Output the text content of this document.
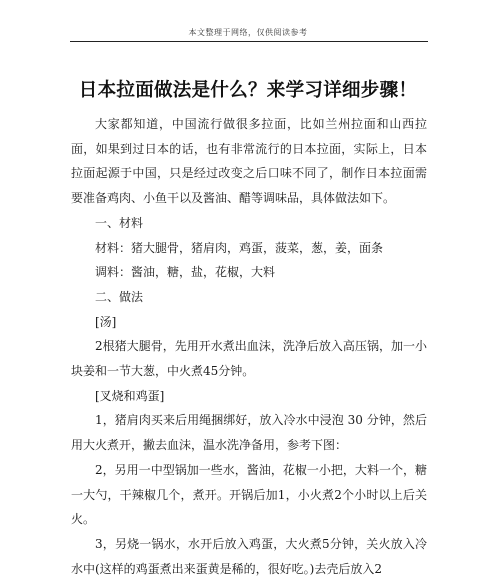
本文整理于网络，仅供阅读参考
日本拉面做法是什么？来学习详细步骤！

大家都知道，中国流行做很多拉面，比如兰州拉面和山西拉面，如果到过日本的话，也有非常流行的日本拉面，实际上，日本拉面起源于中国，只是经过改变之后口味不同了，制作日本拉面需要准备鸡肉、小鱼干以及酱油、醋等调味品，具体做法如下。

一、材料

材料：猪大腿骨，猪肩肉，鸡蛋，菠菜，葱，姜，面条

调料：酱油，糖，盐，花椒，大料

二、做法

[汤]

2根猪大腿骨，先用开水煮出血沫，洗净后放入高压锅，加一小块姜和一节大葱，中火煮45分钟。

[叉烧和鸡蛋]

1，猪肩肉买来后用绳捆绑好，放入冷水中浸泡 30 分钟，然后用大火煮开，撇去血沫，温水洗净备用，参考下图：

2，另用一中型锅加一些水，酱油，花椒一小把，大料一个，糖一大勺，干辣椒几个，煮开。开锅后加1，小火煮2个小时以上后关火。

3，另烧一锅水，水开后放入鸡蛋，大火煮5分钟，关火放入冷水中(这样的鸡蛋煮出来蛋黄是稀的，很好吃。)去壳后放入2
